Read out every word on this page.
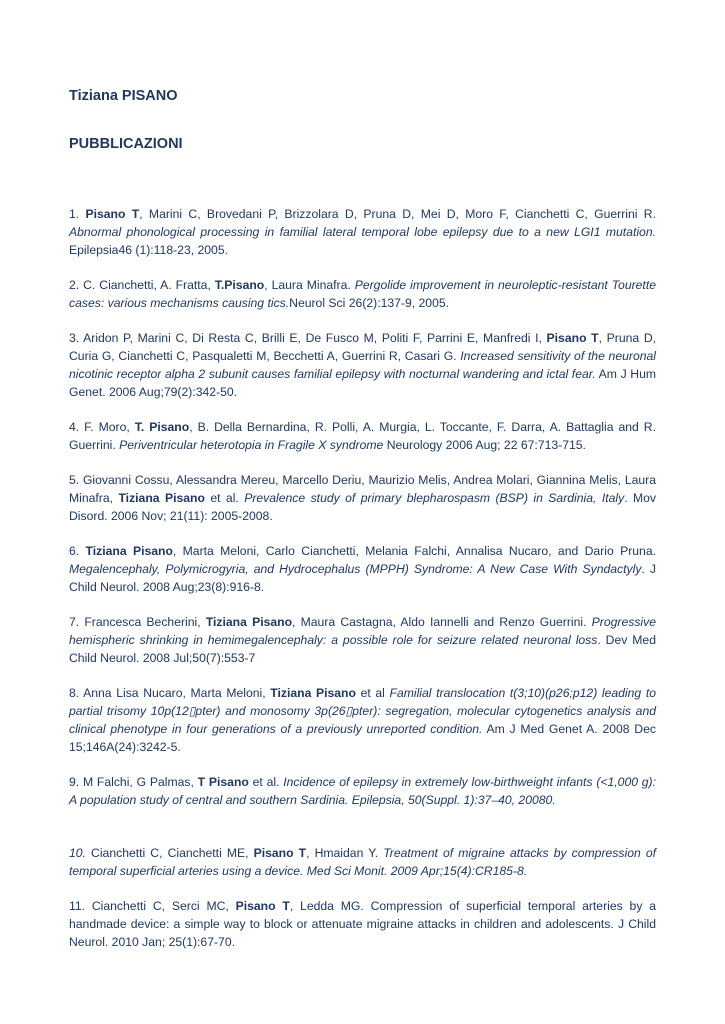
Tiziana PISANO
PUBBLICAZIONI

1. Pisano T, Marini C, Brovedani P, Brizzolara D, Pruna D, Mei D, Moro F, Cianchetti C, Guerrini R. Abnormal phonological processing in familial lateral temporal lobe epilepsy due to a new LGI1 mutation. Epilepsia46 (1):118-23, 2005.

2. C. Cianchetti, A. Fratta, T.Pisano, Laura Minafra. Pergolide improvement in neuroleptic-resistant Tourette cases: various mechanisms causing tics.Neurol Sci 26(2):137-9, 2005.

3. Aridon P, Marini C, Di Resta C, Brilli E, De Fusco M, Politi F, Parrini E, Manfredi I, Pisano T, Pruna D, Curia G, Cianchetti C, Pasqualetti M, Becchetti A, Guerrini R, Casari G. Increased sensitivity of the neuronal nicotinic receptor alpha 2 subunit causes familial epilepsy with nocturnal wandering and ictal fear. Am J Hum Genet. 2006 Aug;79(2):342-50.

4. F. Moro, T. Pisano, B. Della Bernardina, R. Polli, A. Murgia, L. Toccante, F. Darra, A. Battaglia and R. Guerrini. Periventricular heterotopia in Fragile X syndrome Neurology 2006 Aug; 22 67:713-715.

5. Giovanni Cossu, Alessandra Mereu, Marcello Deriu, Maurizio Melis, Andrea Molari, Giannina Melis, Laura Minafra, Tiziana Pisano et al. Prevalence study of primary blepharospasm (BSP) in Sardinia, Italy. Mov Disord. 2006 Nov; 21(11): 2005-2008.

6. Tiziana Pisano, Marta Meloni, Carlo Cianchetti, Melania Falchi, Annalisa Nucaro, and Dario Pruna. Megalencephaly, Polymicrogyria, and Hydrocephalus (MPPH) Syndrome: A New Case With Syndactyly. J Child Neurol. 2008 Aug;23(8):916-8.

7. Francesca Becherini, Tiziana Pisano, Maura Castagna, Aldo Iannelli and Renzo Guerrini. Progressive hemispheric shrinking in hemimegalencephaly: a possible role for seizure related neuronal loss. Dev Med Child Neurol. 2008 Jul;50(7):553-7

8. Anna Lisa Nucaro, Marta Meloni, Tiziana Pisano et al Familial translocation t(3;10)(p26;p12) leading to partial trisomy 10p(12▯pter) and monosomy 3p(26▯pter): segregation, molecular cytogenetics analysis and clinical phenotype in four generations of a previously unreported condition. Am J Med Genet A. 2008 Dec 15;146A(24):3242-5.

9. M Falchi, G Palmas, T Pisano et al. Incidence of epilepsy in extremely low-birthweight infants (<1,000 g): A population study of central and southern Sardinia. Epilepsia, 50(Suppl. 1):37–40, 20080.

10. Cianchetti C, Cianchetti ME, Pisano T, Hmaidan Y. Treatment of migraine attacks by compression of temporal superficial arteries using a device. Med Sci Monit. 2009 Apr;15(4):CR185-8.

11. Cianchetti C, Serci MC, Pisano T, Ledda MG. Compression of superficial temporal arteries by a handmade device: a simple way to block or attenuate migraine attacks in children and adolescents. J Child Neurol. 2010 Jan; 25(1):67-70.
